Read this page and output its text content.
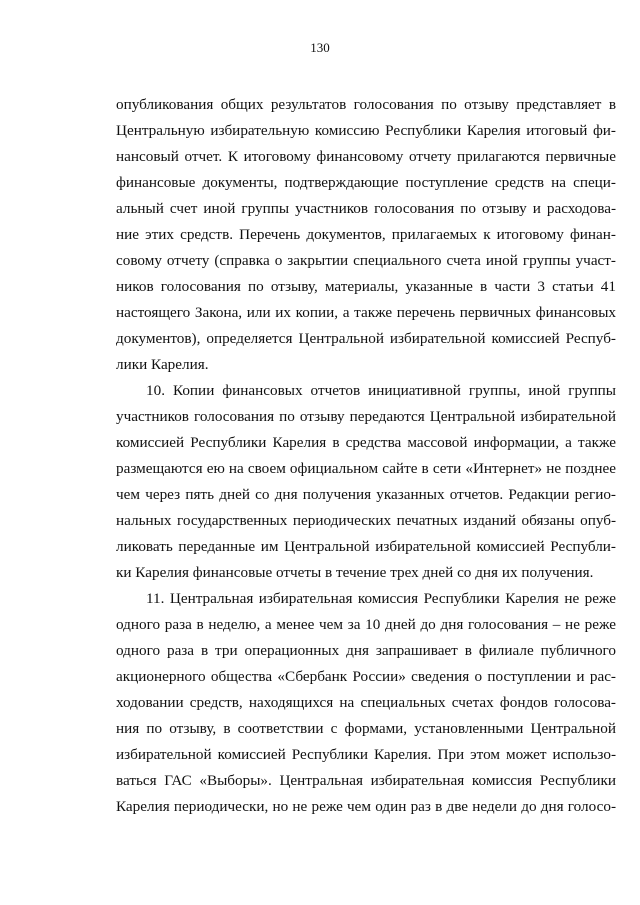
130
опубликования общих результатов голосования по отзыву представляет в
Центральную избирательную комиссию Республики Карелия итоговый фи-
нансовый отчет. К итоговому финансовому отчету прилагаются первичные
финансовые документы, подтверждающие поступление средств на специ-
альный счет иной группы участников голосования по отзыву и расходова-
ние этих средств. Перечень документов, прилагаемых к итоговому финан-
совому отчету (справка о закрытии специального счета иной группы участ-
ников голосования по отзыву, материалы, указанные в части 3 статьи 41
настоящего Закона, или их копии, а также перечень первичных финансовых
документов), определяется Центральной избирательной комиссией Респуб-
лики Карелия.
10. Копии финансовых отчетов инициативной группы, иной группы
участников голосования по отзыву передаются Центральной избирательной
комиссией Республики Карелия в средства массовой информации, а также
размещаются ею на своем официальном сайте в сети «Интернет» не позднее
чем через пять дней со дня получения указанных отчетов. Редакции регио-
нальных государственных периодических печатных изданий обязаны опуб-
ликовать переданные им Центральной избирательной комиссией Республи-
ки Карелия финансовые отчеты в течение трех дней со дня их получения.
11. Центральная избирательная комиссия Республики Карелия не реже
одного раза в неделю, а менее чем за 10 дней до дня голосования – не реже
одного раза в три операционных дня запрашивает в филиале публичного
акционерного общества «Сбербанк России» сведения о поступлении и рас-
ходовании средств, находящихся на специальных счетах фондов голосова-
ния по отзыву, в соответствии с формами, установленными Центральной
избирательной комиссией Республики Карелия. При этом может использо-
ваться ГАС «Выборы». Центральная избирательная комиссия Республики
Карелия периодически, но не реже чем один раз в две недели до дня голосо-
